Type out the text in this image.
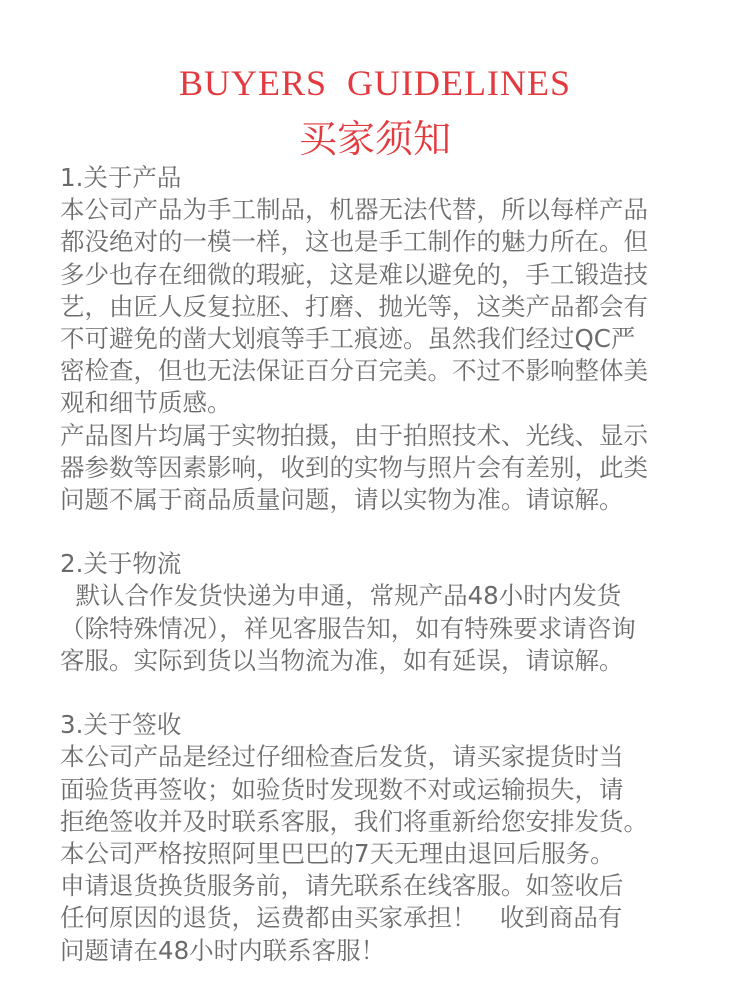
BUYERS  GUIDELINES
买家须知
1.关于产品
本公司产品为手工制品，机器无法代替，所以每样产品
都没绝对的一模一样，这也是手工制作的魅力所在。但
多少也存在细微的瑕疵，这是难以避免的，手工锻造技
艺，由匠人反复拉胚、打磨、抛光等，这类产品都会有
不可避免的凿大划痕等手工痕迹。虽然我们经过QC严
密检查，但也无法保证百分百完美。不过不影响整体美
观和细节质感。
产品图片均属于实物拍摄，由于拍照技术、光线、显示
器参数等因素影响，收到的实物与照片会有差别，此类
问题不属于商品质量问题，请以实物为准。请谅解。
2.关于物流
默认合作发货快递为申通，常规产品48小时内发货
（除特殊情况），祥见客服告知，如有特殊要求请咨询
客服。实际到货以当物流为准，如有延误，请谅解。
3.关于签收
本公司产品是经过仔细检查后发货，请买家提货时当
面验货再签收；如验货时发现数不对或运输损失，请
拒绝签收并及时联系客服，我们将重新给您安排发货。
本公司严格按照阿里巴巴的7天无理由退回后服务。
申请退货换货服务前，请先联系在线客服。如签收后
任何原因的退货，运费都由买家承担！   收到商品有
问题请在48小时内联系客服！
